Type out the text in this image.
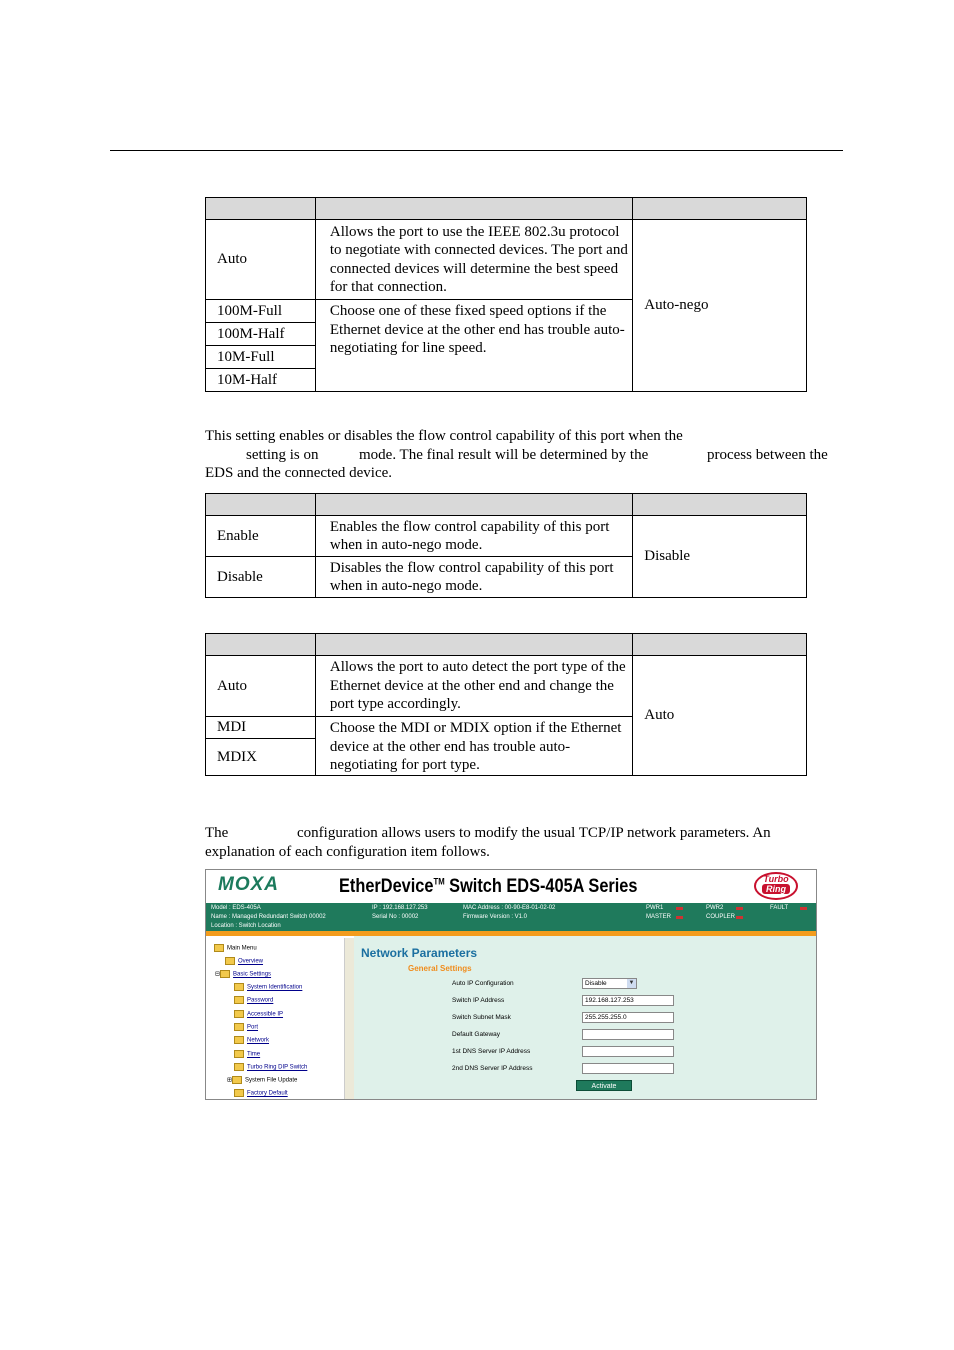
Auto	Allows the port to use the IEEE 802.3u protocol to negotiate with connected devices. The port and connected devices will determine the best speed for that connection.	Auto-nego
100M-Full	Choose one of these fixed speed options if the Ethernet device at the other end has trouble auto-negotiating for line speed.	
100M-Half		
10M-Full		
10M-Half		
This setting enables or disables the flow control capability of this port when the
setting is on	mode. The final result will be determined by the	process between the
EDS and the connected device.

Enable	Enables the flow control capability of this port when in auto-nego mode.	Disable
Disable	Disables the flow control capability of this port when in auto-nego mode.	

Auto	Allows the port to auto detect the port type of the Ethernet device at the other end and change the port type accordingly.	Auto
MDI	Choose the MDI or MDIX option if the Ethernet device at the other end has trouble auto-negotiating for port type.	
MDIX		
The	configuration allows users to modify the usual TCP/IP network parameters. An
explanation of each configuration item follows.
MOXA	EtherDevice™ Switch EDS-405A Series	Turbo
Ring
Model : EDS-405A
Name : Managed Redundant Switch 00002
Location : Switch Location
IP : 192.168.127.253
Serial No : 00002
MAC Address : 00-90-E8-01-02-02
Firmware Version : V1.0
PWR1	PWR2	FAULT
MASTER	COUPLER
Main Menu
Overview
⊟ Basic Settings
System Identification
Password
Accessible IP
Port
Network
Time
Turbo Ring DIP Switch
⊞ System File Update
Factory Default
Network Parameters
General Settings
Auto IP Configuration	Disable	▼
Switch IP Address	192.168.127.253
Switch Subnet Mask	255.255.255.0
Default Gateway
1st DNS Server IP Address
2nd DNS Server IP Address
Activate
